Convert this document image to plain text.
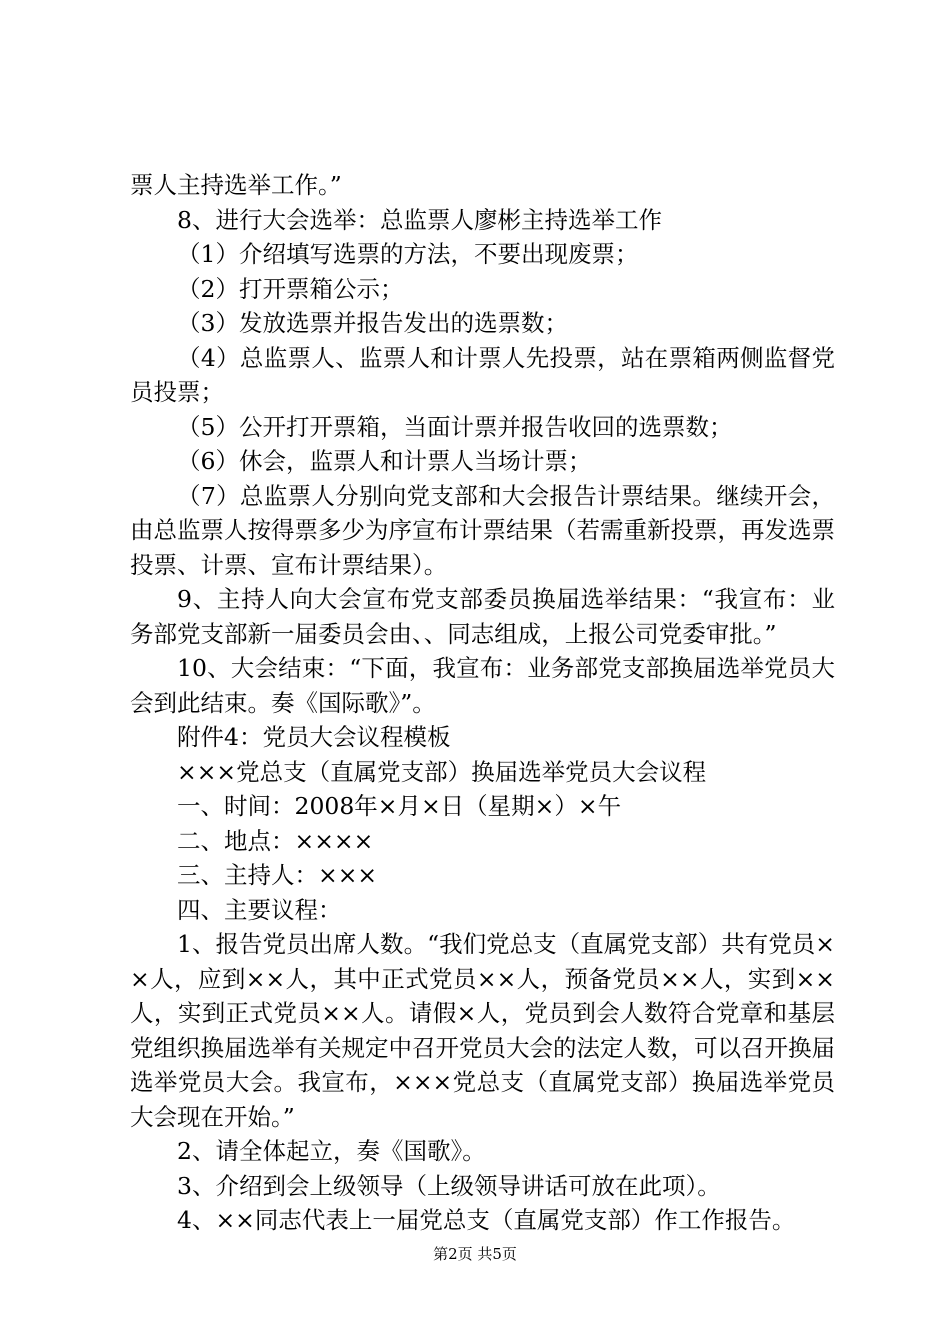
票人主持选举工作。”

8、进行大会选举：总监票人廖彬主持选举工作

（1）介绍填写选票的方法，不要出现废票；

（2）打开票箱公示；

（3）发放选票并报告发出的选票数；

（4）总监票人、监票人和计票人先投票，站在票箱两侧监督党员投票；

（5）公开打开票箱，当面计票并报告收回的选票数；

（6）休会，监票人和计票人当场计票；

（7）总监票人分别向党支部和大会报告计票结果。继续开会，由总监票人按得票多少为序宣布计票结果（若需重新投票，再发选票投票、计票、宣布计票结果）。

9、主持人向大会宣布党支部委员换届选举结果：“我宣布：业务部党支部新一届委员会由、、同志组成，上报公司党委审批。”

10、大会结束：“下面，我宣布：业务部党支部换届选举党员大会到此结束。奏《国际歌》”。

附件4：党员大会议程模板

×××党总支（直属党支部）换届选举党员大会议程

一、时间：2008年×月×日（星期×）×午

二、地点：××××

三、主持人：×××

四、主要议程：

1、报告党员出席人数。“我们党总支（直属党支部）共有党员××人，应到××人，其中正式党员××人，预备党员××人，实到××人，实到正式党员××人。请假×人，党员到会人数符合党章和基层党组织换届选举有关规定中召开党员大会的法定人数，可以召开换届选举党员大会。我宣布，×××党总支（直属党支部）换届选举党员大会现在开始。”

2、请全体起立，奏《国歌》。

3、介绍到会上级领导（上级领导讲话可放在此项）。

4、××同志代表上一届党总支（直属党支部）作工作报告。

第2页 共5页
